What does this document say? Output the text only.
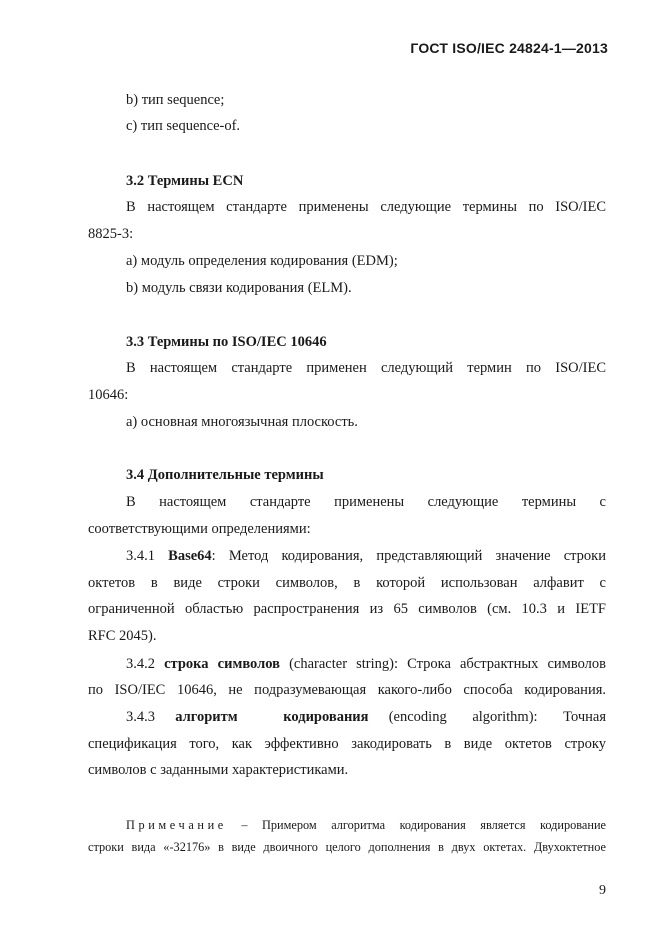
ГОСТ ISO/IEC 24824-1—2013
b) тип sequence;
c) тип sequence-of.
3.2 Термины ECN
В настоящем стандарте применены следующие термины по ISO/IEC
8825-3:
a) модуль определения кодирования (EDM);
b) модуль связи кодирования (ELM).
3.3 Термины по ISO/IEC 10646
В настоящем стандарте применен следующий термин по ISO/IEC
10646:
a) основная многоязычная плоскость.
3.4 Дополнительные термины
В настоящем стандарте применены следующие термины с
соответствующими определениями:
3.4.1 Base64: Метод кодирования, представляющий значение строки
октетов в виде строки символов, в которой использован алфавит с
ограниченной областью распространения из 65 символов (см. 10.3 и IETF
RFC 2045).
3.4.2 строка символов (character string): Строка абстрактных символов
по ISO/IEC 10646, не подразумевающая какого-либо способа кодирования.
3.4.3 алгоритм кодирования (encoding algorithm): Точная
спецификация того, как эффективно закодировать в виде октетов строку
символов с заданными характеристиками.
Примечание – Примером алгоритма кодирования является кодирование
строки вида «-32176» в виде двоичного целого дополнения в двух октетах. Двухоктетное
9
